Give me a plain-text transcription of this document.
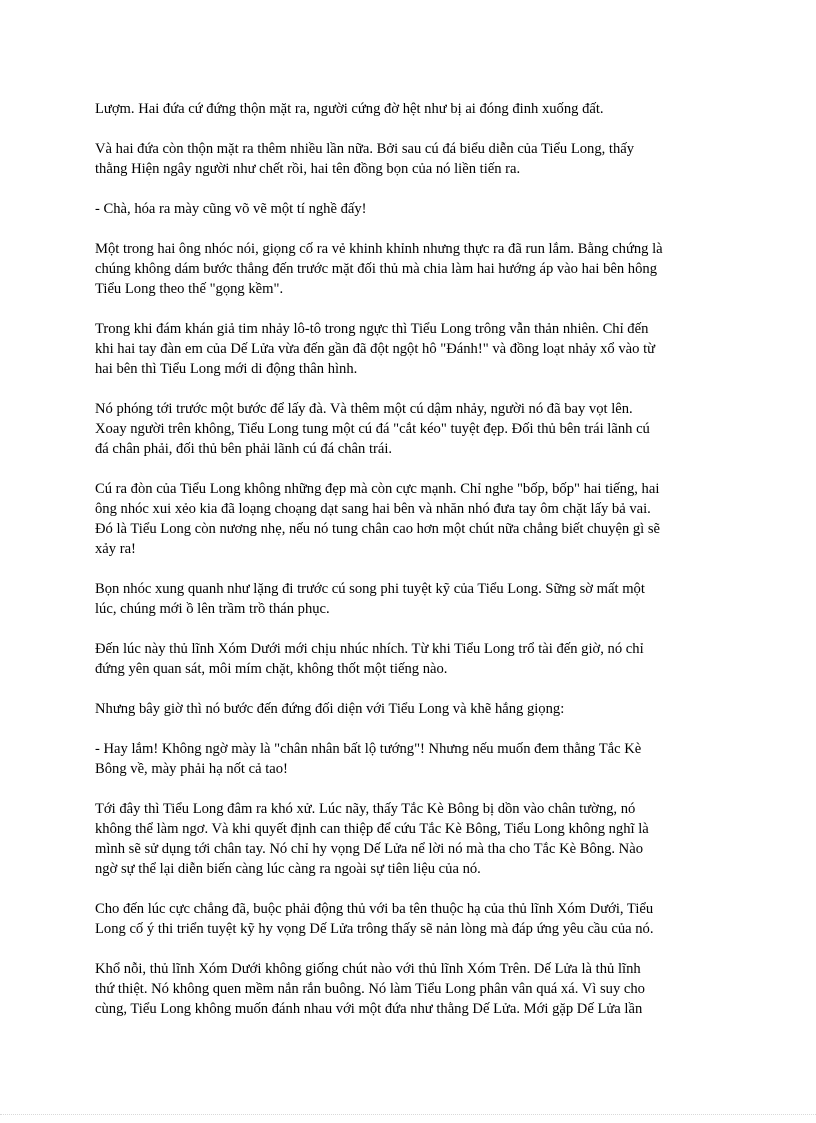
Lượm. Hai đứa cứ đứng thộn mặt ra, người cứng đờ hệt như bị ai đóng đinh xuống đất.

Và hai đứa còn thộn mặt ra thêm nhiều lần nữa. Bởi sau cú đá biểu diễn của Tiểu Long, thấy
thằng Hiện ngây người như chết rồi, hai tên đồng bọn của nó liền tiến ra.

- Chà, hóa ra mày cũng võ vẽ một tí nghề đấy!

Một trong hai ông nhóc nói, giọng cố ra vẻ khinh khỉnh nhưng thực ra đã run lắm. Bằng chứng là
chúng không dám bước thẳng đến trước mặt đối thủ mà chia làm hai hướng áp vào hai bên hông
Tiểu Long theo thế "gọng kềm".

Trong khi đám khán giả tim nhảy lô-tô trong ngực thì Tiểu Long trông vẫn thản nhiên. Chỉ đến
khi hai tay đàn em của Dế Lửa vừa đến gần đã đột ngột hô "Đánh!" và đồng loạt nhảy xổ vào từ
hai bên thì Tiểu Long mới di động thân hình.

Nó phóng tới trước một bước để lấy đà. Và thêm một cú dậm nhảy, người nó đã bay vọt lên.
Xoay người trên không, Tiểu Long tung một cú đá "cắt kéo" tuyệt đẹp. Đối thủ bên trái lãnh cú
đá chân phải, đối thủ bên phải lãnh cú đá chân trái.

Cú ra đòn của Tiểu Long không những đẹp mà còn cực mạnh. Chỉ nghe "bốp, bốp" hai tiếng, hai
ông nhóc xui xẻo kia đã loạng choạng dạt sang hai bên và nhăn nhó đưa tay ôm chặt lấy bả vai.
Đó là Tiểu Long còn nương nhẹ, nếu nó tung chân cao hơn một chút nữa chẳng biết chuyện gì sẽ
xảy ra!

Bọn nhóc xung quanh như lặng đi trước cú song phi tuyệt kỹ của Tiểu Long. Sững sờ mất một
lúc, chúng mới ồ lên trầm trồ thán phục.

Đến lúc này thủ lĩnh Xóm Dưới mới chịu nhúc nhích. Từ khi Tiểu Long trổ tài đến giờ, nó chỉ
đứng yên quan sát, môi mím chặt, không thốt một tiếng nào.

Nhưng bây giờ thì nó bước đến đứng đối diện với Tiểu Long và khẽ hắng giọng:

- Hay lắm! Không ngờ mày là "chân nhân bất lộ tướng"! Nhưng nếu muốn đem thằng Tắc Kè
Bông về, mày phải hạ nốt cả tao!

Tới đây thì Tiểu Long đâm ra khó xử. Lúc nãy, thấy Tắc Kè Bông bị dồn vào chân tường, nó
không thể làm ngơ. Và khi quyết định can thiệp để cứu Tắc Kè Bông, Tiểu Long không nghĩ là
mình sẽ sử dụng tới chân tay. Nó chỉ hy vọng Dế Lửa nể lời nó mà tha cho Tắc Kè Bông. Nào
ngờ sự thể lại diễn biến càng lúc càng ra ngoài sự tiên liệu của nó.

Cho đến lúc cực chẳng đã, buộc phải động thủ với ba tên thuộc hạ của thủ lĩnh Xóm Dưới, Tiểu
Long cố ý thi triển tuyệt kỹ hy vọng Dế Lửa trông thấy sẽ nản lòng mà đáp ứng yêu cầu của nó.

Khổ nỗi, thủ lĩnh Xóm Dưới không giống chút nào với thủ lĩnh Xóm Trên. Dế Lửa là thủ lĩnh
thứ thiệt. Nó không quen mềm nắn rắn buông. Nó làm Tiểu Long phân vân quá xá. Vì suy cho
cùng, Tiểu Long không muốn đánh nhau với một đứa như thằng Dế Lửa. Mới gặp Dế Lửa lần
